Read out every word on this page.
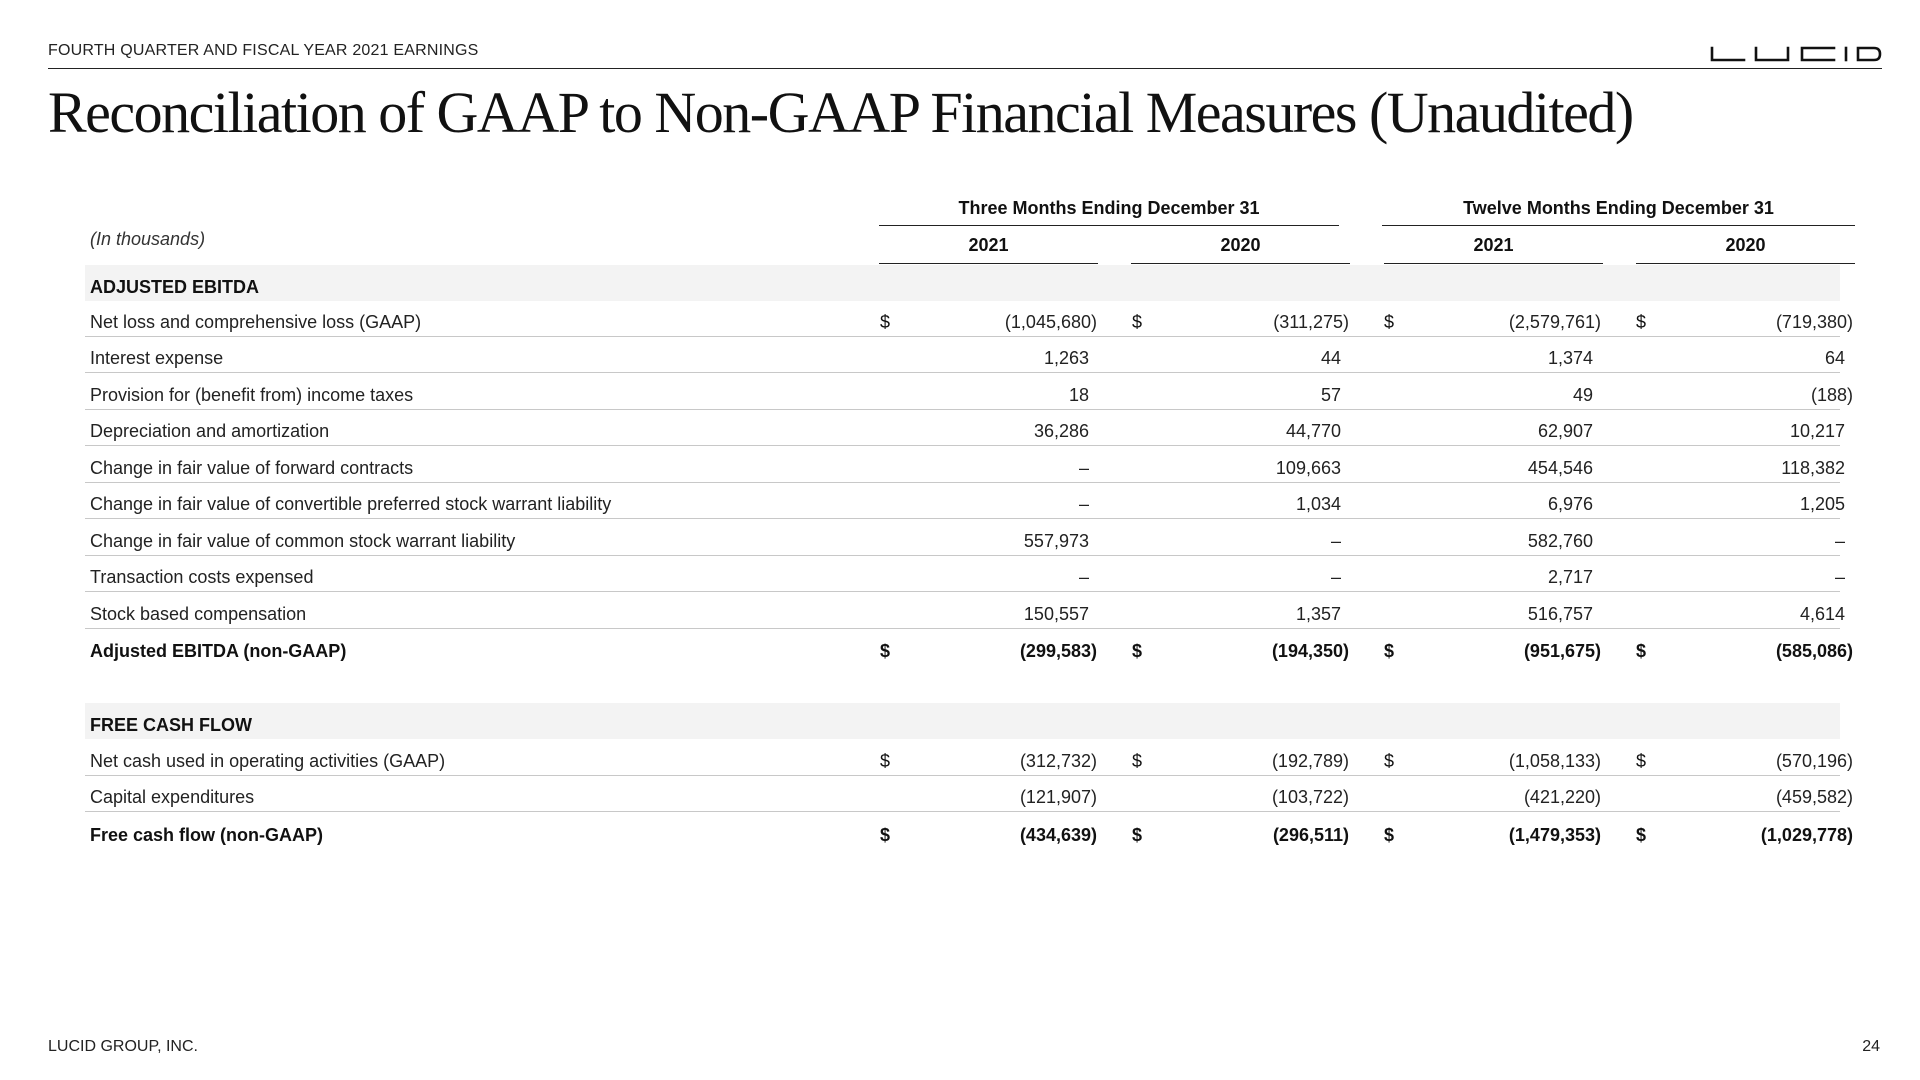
FOURTH QUARTER AND FISCAL YEAR 2021 EARNINGS
Reconciliation of GAAP to Non-GAAP Financial Measures (Unaudited)
Three Months Ending December 31	Twelve Months Ending December 31
2021	2020	2021	2020
(In thousands)
ADJUSTED EBITDA
Net loss and comprehensive loss (GAAP)	$	(1,045,680) $	(311,275) $	(2,579,761) $	(719,380)
Interest expense	1,263	44	1,374	64
Provision for (benefit from) income taxes	18	57	49	(188)
Depreciation and amortization	36,286	44,770	62,907	10,217
Change in fair value of forward contracts	–	109,663	454,546	118,382
Change in fair value of convertible preferred stock warrant liability	–	1,034	6,976	1,205
Change in fair value of common stock warrant liability	557,973	–	582,760	–
Transaction costs expensed	–	–	2,717	–
Stock based compensation	150,557	1,357	516,757	4,614
Adjusted EBITDA (non-GAAP)	$	(299,583) $	(194,350) $	(951,675) $	(585,086)
FREE CASH FLOW
Net cash used in operating activities (GAAP)	$	(312,732) $	(192,789) $	(1,058,133) $	(570,196)
Capital expenditures	(121,907)	(103,722)	(421,220)	(459,582)
Free cash flow (non-GAAP)	$	(434,639) $	(296,511) $	(1,479,353) $	(1,029,778)
LUCID GROUP, INC.	24
